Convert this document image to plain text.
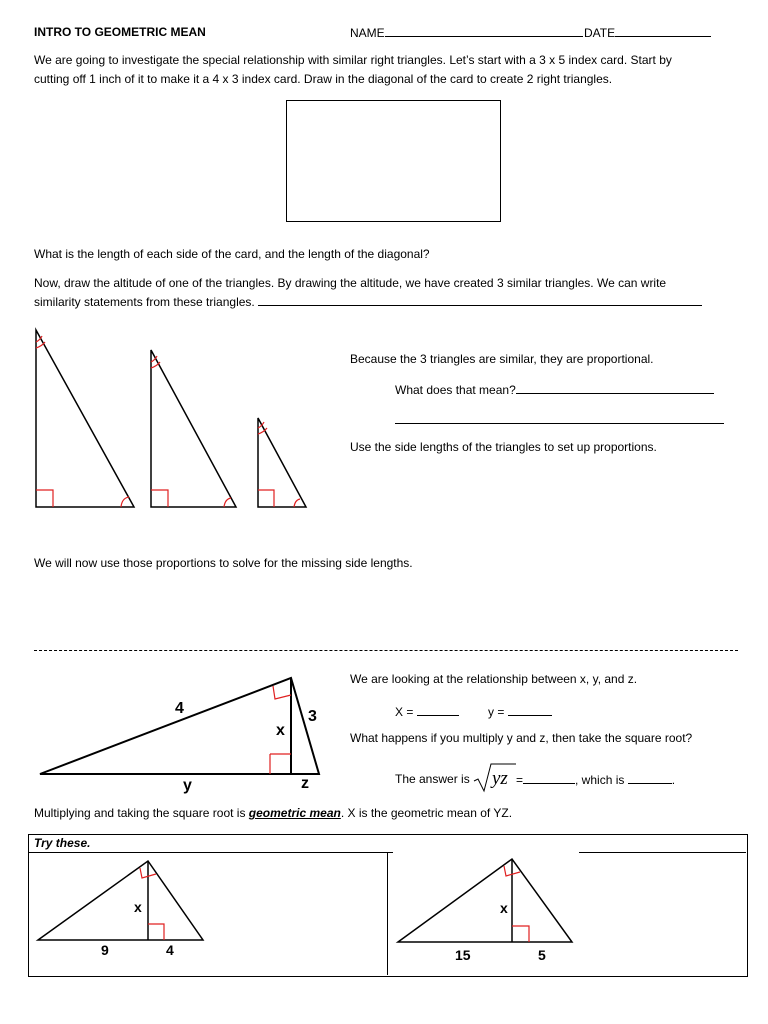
INTRO TO GEOMETRIC MEAN	NAME	DATE
We are going to investigate the special relationship with similar right triangles. Let’s start with a 3 x 5 index card. Start by
cutting off 1 inch of it to make it a 4 x 3 index card. Draw in the diagonal of the card to create 2 right triangles.
What is the length of each side of the card, and the length of the diagonal?
Now, draw the altitude of one of the triangles. By drawing the altitude, we have created 3 similar triangles. We can write
similarity statements from these triangles.
Because the 3 triangles are similar, they are proportional.
What does that mean?
Use the side lengths of the triangles to set up proportions.
We will now use those proportions to solve for the missing side lengths.
4	3
x
y	z
We are looking at the relationship between x, y, and z.
X =	y =
What happens if you multiply y and z, then take the square root?
The answer is yz =	, which is	.
Multiplying and taking the square root is geometric mean. X is the geometric mean of YZ.
Try these.
x
9	4
x
15	5
